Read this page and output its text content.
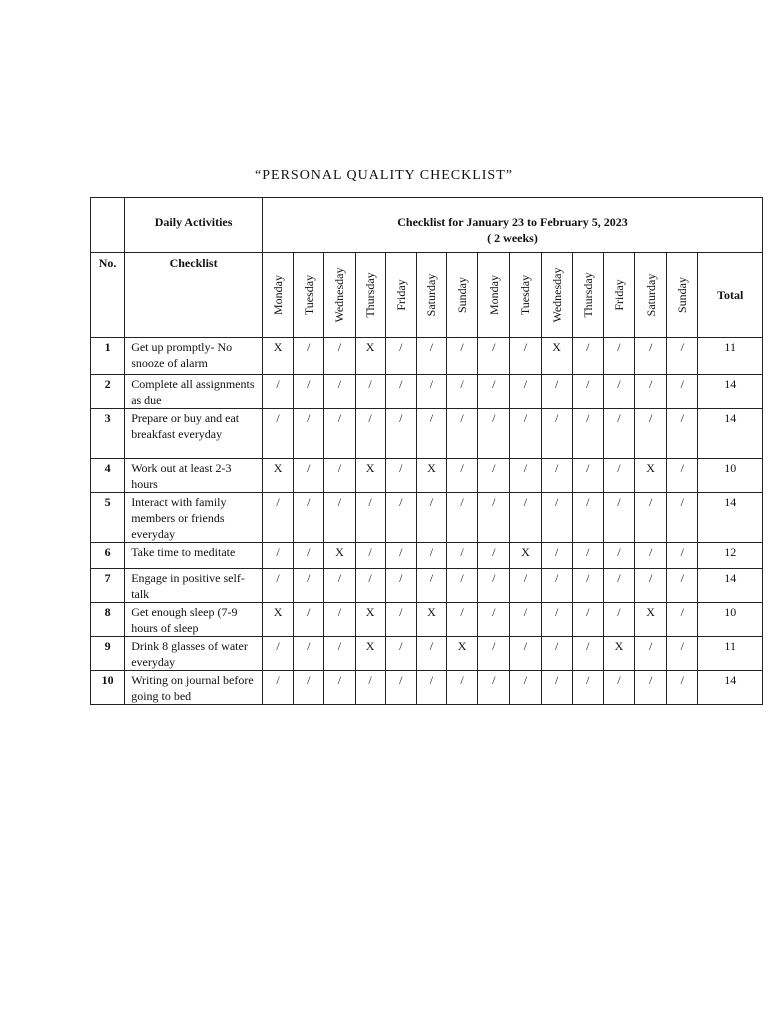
“PERSONAL QUALITY CHECKLIST”
	Daily Activities	Checklist for January 23 to February 5, 2023
( 2 weeks)														

No.	Checklist	Monday	Tuesday	Wednesday	Thursday	Friday	Saturday	Sunday	Monday	Tuesday	Wednesday	Thursday	Friday	Saturday	Sunday	Total
1	Get up promptly- No snooze of alarm	X	/	/	X	/	/	/	/	/	X	/	/	/	/	11
2	Complete all assignments as due	/	/	/	/	/	/	/	/	/	/	/	/	/	/	14
3	Prepare or buy and eat breakfast everyday	/	/	/	/	/	/	/	/	/	/	/	/	/	/	14
4	Work out at least 2-3 hours	X	/	/	X	/	X	/	/	/	/	/	/	X	/	10
5	Interact with family members or friends everyday	/	/	/	/	/	/	/	/	/	/	/	/	/	/	14
6	Take time to meditate	/	/	X	/	/	/	/	/	X	/	/	/	/	/	12
7	Engage in positive self-talk	/	/	/	/	/	/	/	/	/	/	/	/	/	/	14
8	Get enough sleep (7-9 hours of sleep	X	/	/	X	/	X	/	/	/	/	/	/	X	/	10
9	Drink 8 glasses of water everyday	/	/	/	X	/	/	X	/	/	/	/	X	/	/	11
10	Writing on journal before going to bed	/	/	/	/	/	/	/	/	/	/	/	/	/	/	14
